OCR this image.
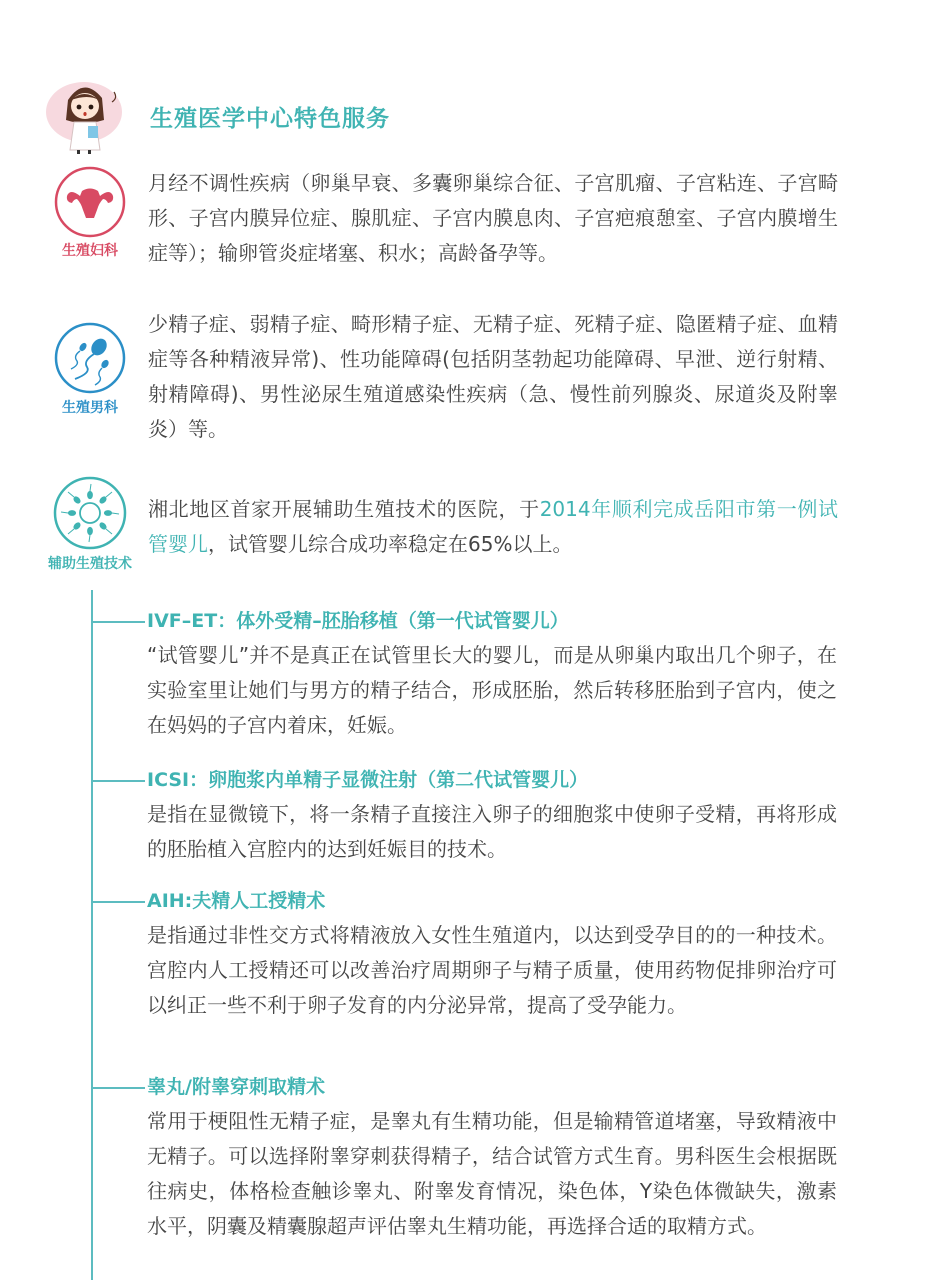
生殖医学中心特色服务
生殖妇科

月经不调性疾病（卵巢早衰、多囊卵巢综合征、子宫肌瘤、子宫粘连、子宫畸形、子宫内膜异位症、腺肌症、子宫内膜息肉、子宫疤痕憩室、子宫内膜增生症等）；输卵管炎症堵塞、积水；高龄备孕等。

生殖男科

少精子症、弱精子症、畸形精子症、无精子症、死精子症、隐匿精子症、血精症等各种精液异常)、性功能障碍(包括阴茎勃起功能障碍、早泄、逆行射精、射精障碍)、男性泌尿生殖道感染性疾病（急、慢性前列腺炎、尿道炎及附睾炎）等。

辅助生殖技术

湘北地区首家开展辅助生殖技术的医院，于2014年顺利完成岳阳市第一例试管婴儿，试管婴儿综合成功率稳定在65%以上。

IVF–ET：体外受精–胚胎移植（第一代试管婴儿）
“试管婴儿”并不是真正在试管里长大的婴儿，而是从卵巢内取出几个卵子，在实验室里让她们与男方的精子结合，形成胚胎，然后转移胚胎到子宫内，使之在妈妈的子宫内着床，妊娠。
ICSI：卵胞浆内单精子显微注射（第二代试管婴儿）
是指在显微镜下，将一条精子直接注入卵子的细胞浆中使卵子受精，再将形成的胚胎植入宫腔内的达到妊娠目的技术。
AIH:夫精人工授精术
是指通过非性交方式将精液放入女性生殖道内，以达到受孕目的的一种技术。宫腔内人工授精还可以改善治疗周期卵子与精子质量，使用药物促排卵治疗可以纠正一些不利于卵子发育的内分泌异常，提高了受孕能力。
睾丸/附睾穿刺取精术
常用于梗阻性无精子症，是睾丸有生精功能，但是输精管道堵塞，导致精液中无精子。可以选择附睾穿刺获得精子，结合试管方式生育。男科医生会根据既往病史，体格检查触诊睾丸、附睾发育情况，染色体，Y染色体微缺失，激素水平，阴囊及精囊腺超声评估睾丸生精功能，再选择合适的取精方式。
